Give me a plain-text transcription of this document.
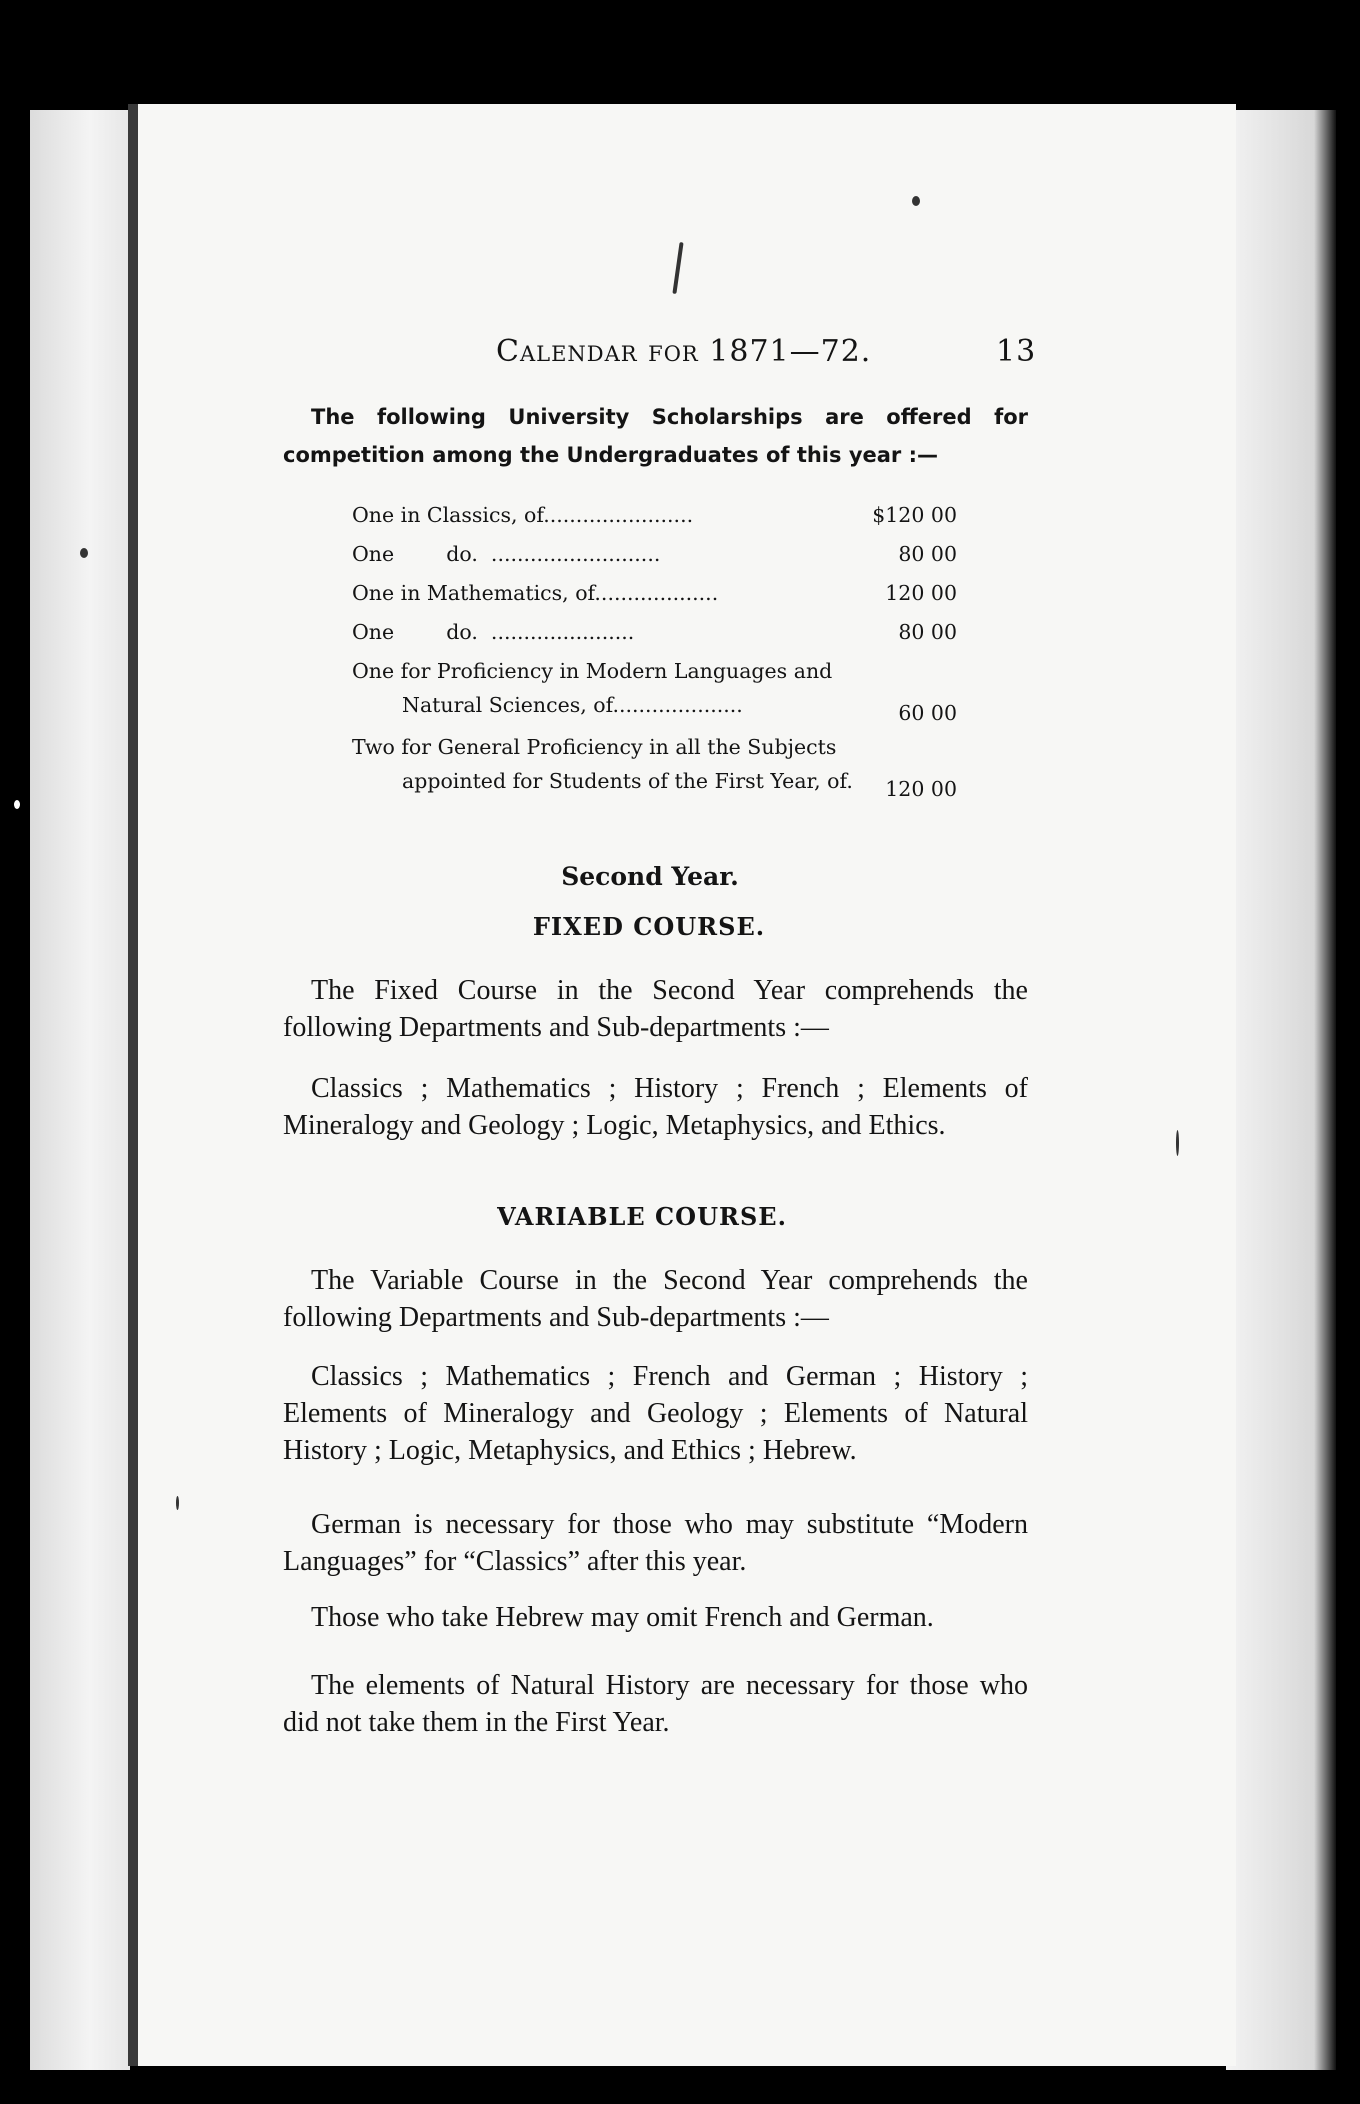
Calendar for 1871—72.	13

The following University Scholarships are offered for competition among the Undergraduates of this year :—

One in Classics, of.......................	$120 00
One        do.  ..........................	80 00
One in Mathematics, of...................	120 00
One        do.  ......................	80 00
One for Proficiency in Modern Languages and
Natural Sciences, of....................	60 00
Two for General Proficiency in all the Subjects
appointed for Students of the First Year, of.	120 00
Second Year.
FIXED COURSE.

The Fixed Course in the Second Year comprehends the following Departments and Sub-departments :—

Classics ; Mathematics ; History ; French ; Elements of Mineralogy and Geology ; Logic, Metaphysics, and Ethics.

VARIABLE COURSE.

The Variable Course in the Second Year comprehends the following Departments and Sub-departments :—

Classics ; Mathematics ; French and German ; History ; Elements of Mineralogy and Geology ; Elements of Natural History ; Logic, Metaphysics, and Ethics ; Hebrew.

German is necessary for those who may substitute “Modern Languages” for “Classics” after this year.

Those who take Hebrew may omit French and German.

The elements of Natural History are necessary for those who did not take them in the First Year.
